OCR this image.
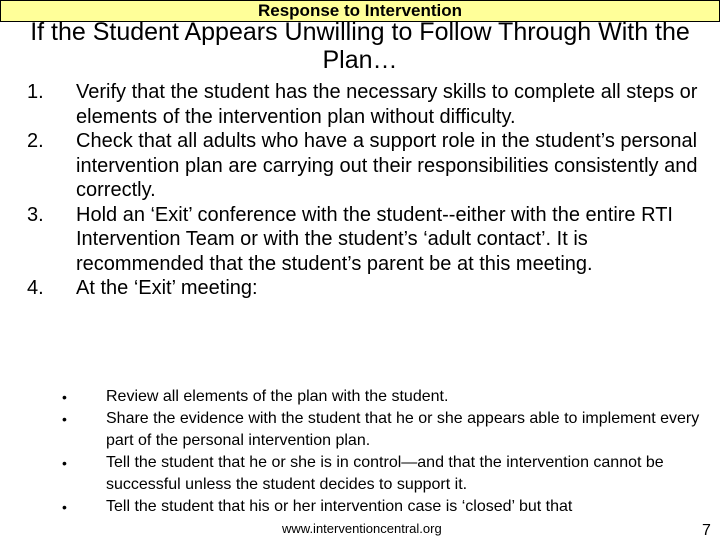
Response to Intervention
If the Student Appears Unwilling to Follow Through With the Plan…
1. Verify that the student has the necessary skills to complete all steps or elements of the intervention plan without difficulty.
2. Check that all adults who have a support role in the student’s personal intervention plan are carrying out their responsibilities consistently and correctly.
3. Hold an ‘Exit’ conference with the student--either with the entire RTI Intervention Team or with the student’s ‘adult contact’. It is recommended that the student’s parent be at this meeting.
4. At the ‘Exit’ meeting:
• Review all elements of the plan with the student.
• Share the evidence with the student that he or she appears able to implement every part of the personal intervention plan.
• Tell the student that he or she is in control—and that the intervention cannot be successful unless the student decides to support it.
• Tell the student that his or her intervention case is ‘closed’ but that
www.interventioncentral.org	7
